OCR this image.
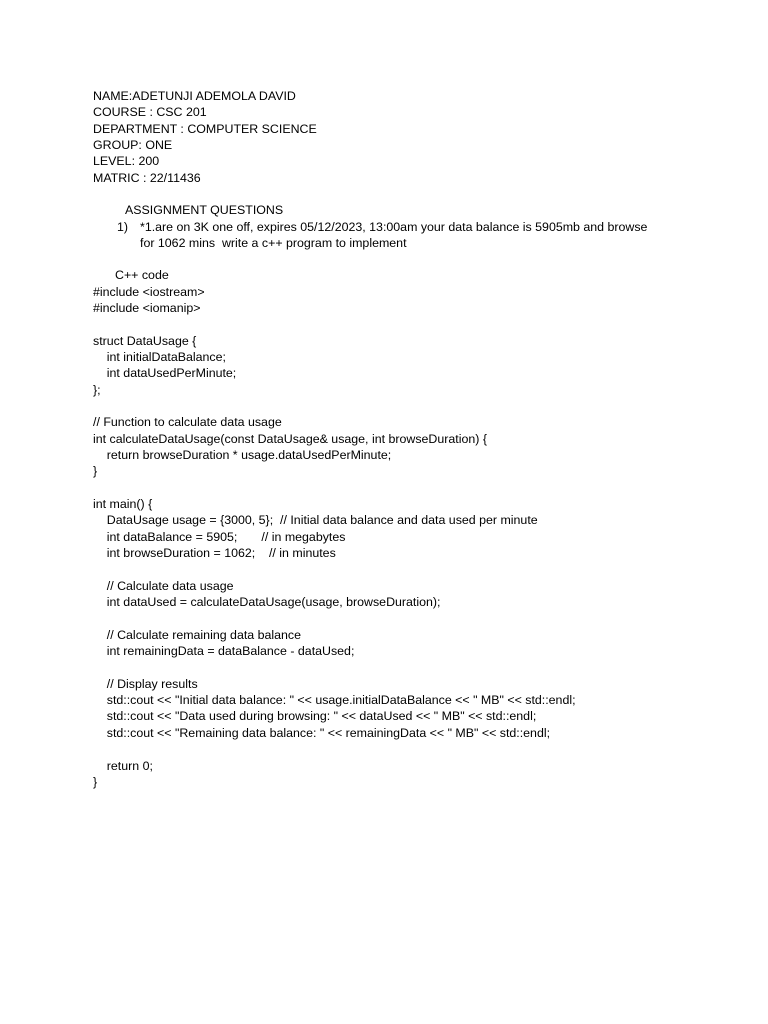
NAME:ADETUNJI ADEMOLA DAVID
COURSE : CSC 201
DEPARTMENT : COMPUTER SCIENCE
GROUP: ONE
LEVEL: 200
MATRIC : 22/11436
ASSIGNMENT QUESTIONS
1) *1.are on 3K one off, expires 05/12/2023, 13:00am your data balance is 5905mb and browse
for 1062 mins  write a c++ program to implement
C++ code
#include <iostream>
#include <iomanip>
struct DataUsage {
int initialDataBalance;
int dataUsedPerMinute;
};
// Function to calculate data usage
int calculateDataUsage(const DataUsage& usage, int browseDuration) {
return browseDuration * usage.dataUsedPerMinute;
}
int main() {
DataUsage usage = {3000, 5};  // Initial data balance and data used per minute
int dataBalance = 5905;       // in megabytes
int browseDuration = 1062;    // in minutes
// Calculate data usage
int dataUsed = calculateDataUsage(usage, browseDuration);
// Calculate remaining data balance
int remainingData = dataBalance - dataUsed;
// Display results
std::cout << "Initial data balance: " << usage.initialDataBalance << " MB" << std::endl;
std::cout << "Data used during browsing: " << dataUsed << " MB" << std::endl;
std::cout << "Remaining data balance: " << remainingData << " MB" << std::endl;
return 0;
}
